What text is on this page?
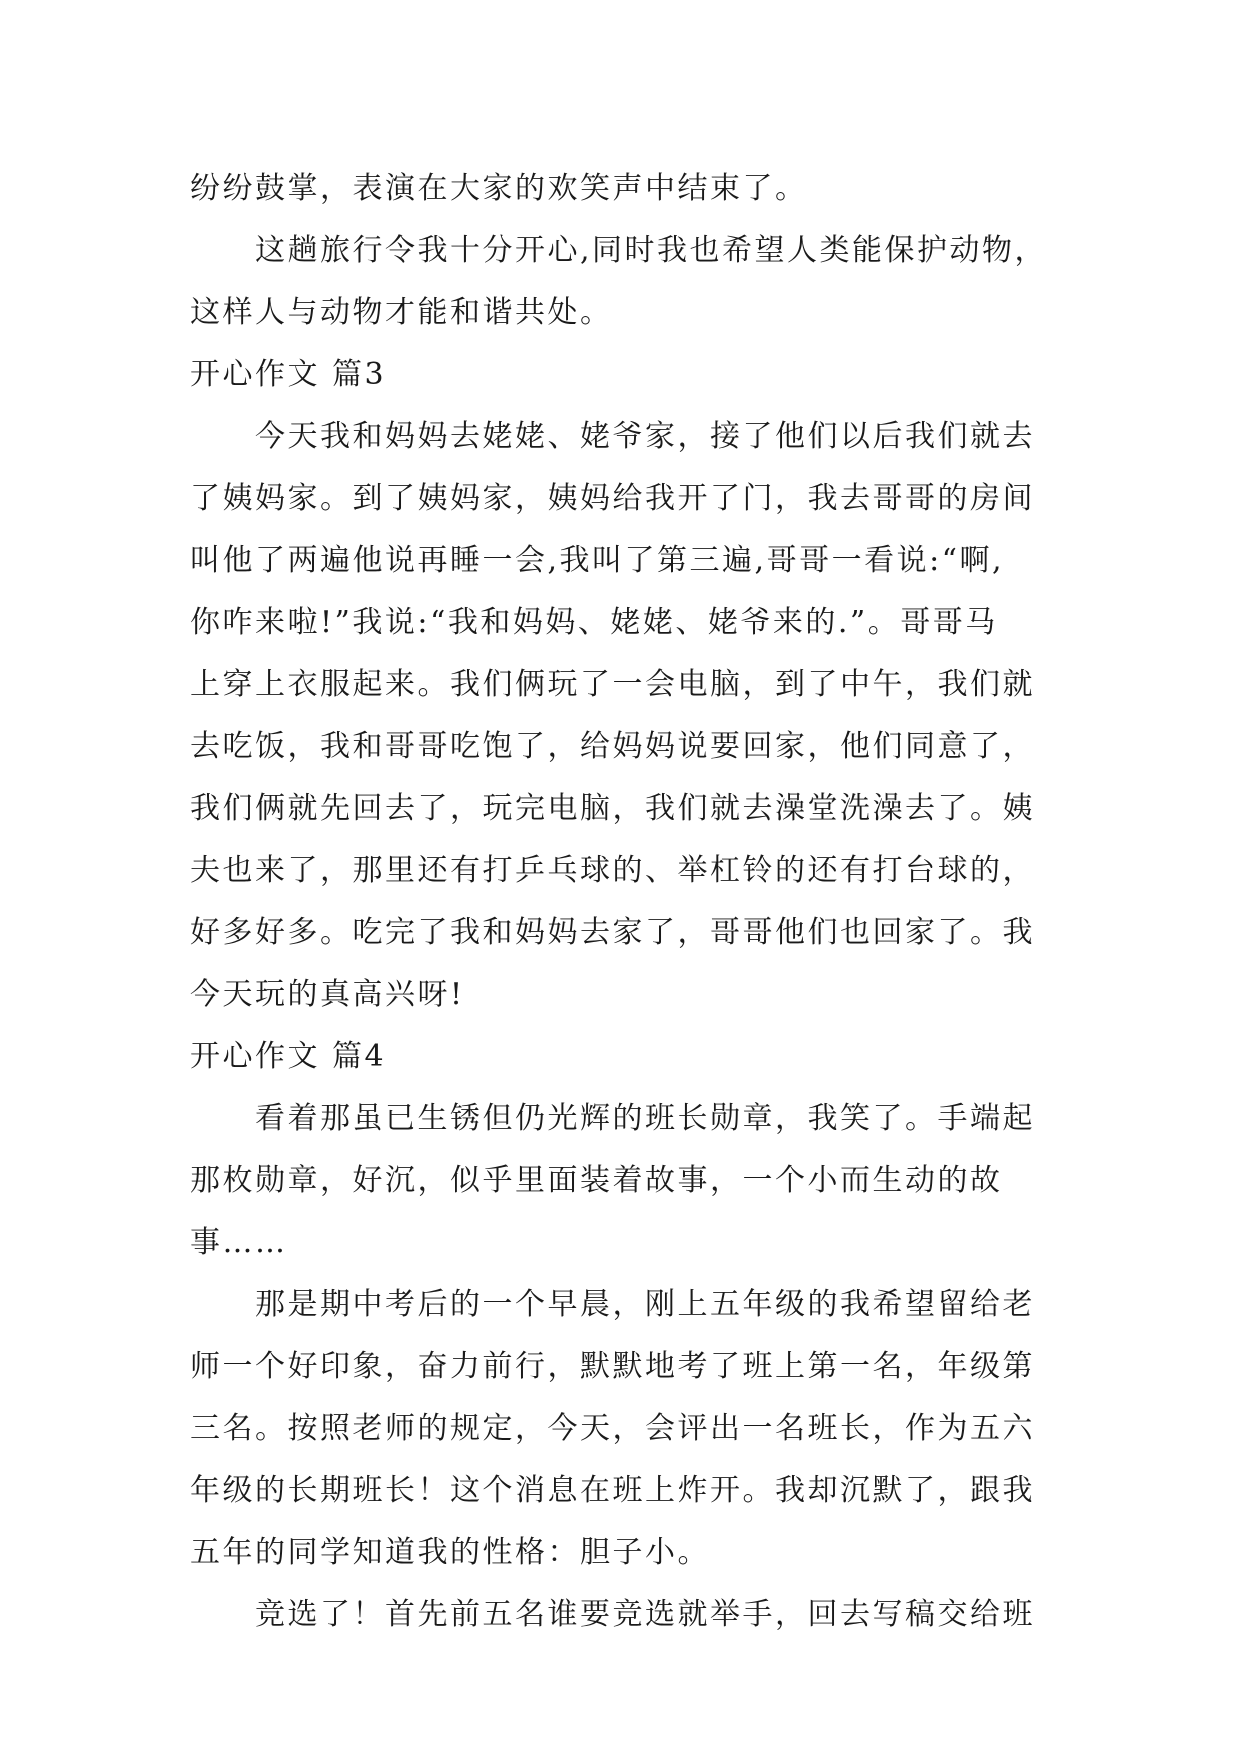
纷纷鼓掌，表演在大家的欢笑声中结束了。
这趟旅行令我十分开心,同时我也希望人类能保护动物，
这样人与动物才能和谐共处。
开心作文 篇3
今天我和妈妈去姥姥、姥爷家，接了他们以后我们就去
了姨妈家。到了姨妈家，姨妈给我开了门，我去哥哥的房间
叫他了两遍他说再睡一会,我叫了第三遍,哥哥一看说:“啊,
你咋来啦!”我说:“我和妈妈、姥姥、姥爷来的.”。哥哥马
上穿上衣服起来。我们俩玩了一会电脑，到了中午，我们就
去吃饭，我和哥哥吃饱了，给妈妈说要回家，他们同意了，
我们俩就先回去了，玩完电脑，我们就去澡堂洗澡去了。姨
夫也来了，那里还有打乒乓球的、举杠铃的还有打台球的，
好多好多。吃完了我和妈妈去家了，哥哥他们也回家了。我
今天玩的真高兴呀!
开心作文 篇4
看着那虽已生锈但仍光辉的班长勋章，我笑了。手端起
那枚勋章，好沉，似乎里面装着故事，一个小而生动的故
事……
那是期中考后的一个早晨，刚上五年级的我希望留给老
师一个好印象，奋力前行，默默地考了班上第一名，年级第
三名。按照老师的规定，今天，会评出一名班长，作为五六
年级的长期班长！这个消息在班上炸开。我却沉默了，跟我
五年的同学知道我的性格：胆子小。
竞选了！首先前五名谁要竞选就举手，回去写稿交给班
